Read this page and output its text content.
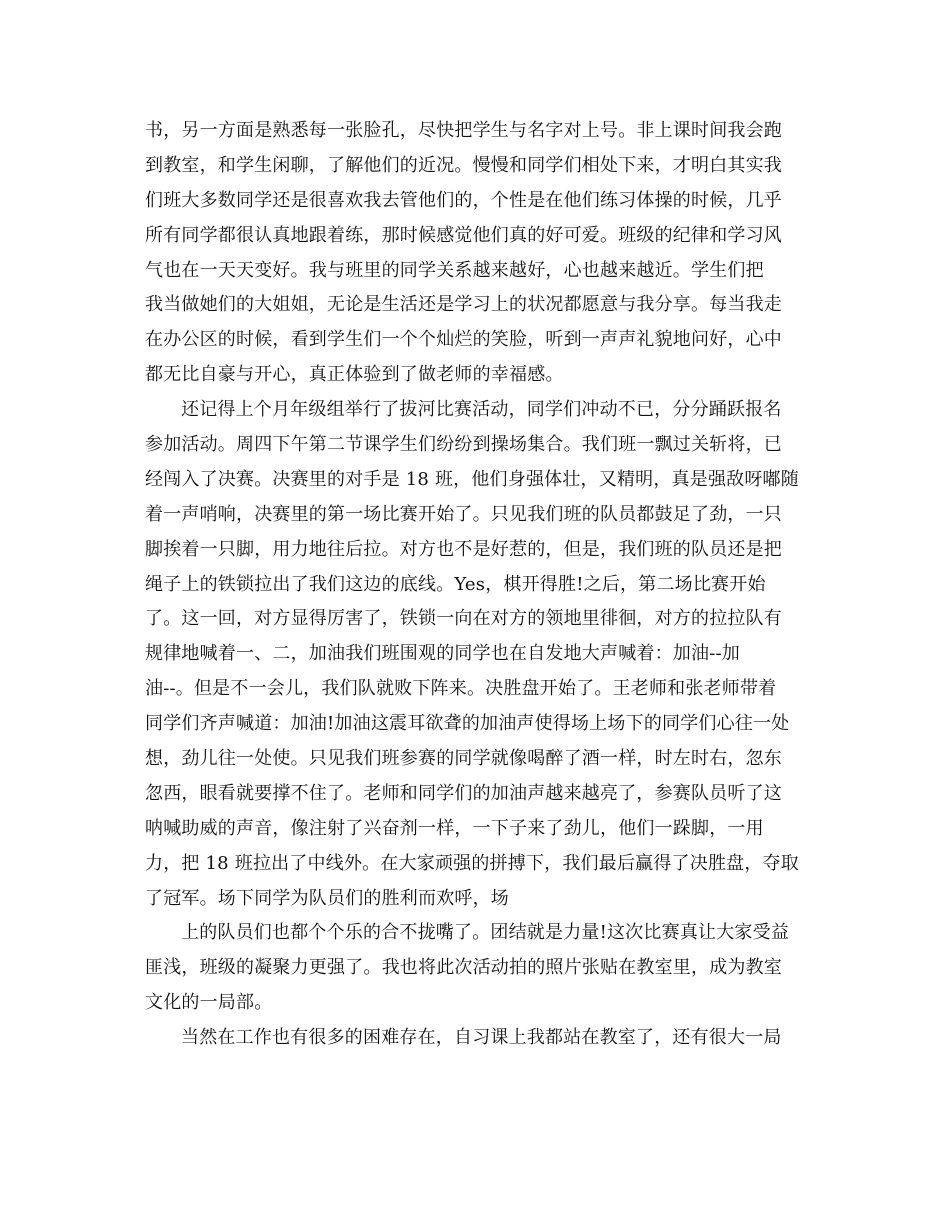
书，另一方面是熟悉每一张脸孔，尽快把学生与名字对上号。非上课时间我会跑
到教室，和学生闲聊，了解他们的近况。慢慢和同学们相处下来，才明白其实我
们班大多数同学还是很喜欢我去管他们的，个性是在他们练习体操的时候，几乎
所有同学都很认真地跟着练，那时候感觉他们真的好可爱。班级的纪律和学习风
气也在一天天变好。我与班里的同学关系越来越好，心也越来越近。学生们把
我当做她们的大姐姐，无论是生活还是学习上的状况都愿意与我分享。每当我走
在办公区的时候，看到学生们一个个灿烂的笑脸，听到一声声礼貌地问好，心中
都无比自豪与开心，真正体验到了做老师的幸福感。
还记得上个月年级组举行了拔河比赛活动，同学们冲动不已，分分踊跃报名
参加活动。周四下午第二节课学生们纷纷到操场集合。我们班一飘过关斩将，已
经闯入了决赛。决赛里的对手是 18 班，他们身强体壮，又精明，真是强敌呀嘟随
着一声哨响，决赛里的第一场比赛开始了。只见我们班的队员都鼓足了劲，一只
脚挨着一只脚，用力地往后拉。对方也不是好惹的，但是，我们班的队员还是把
绳子上的铁锁拉出了我们这边的底线。Yes，棋开得胜!之后，第二场比赛开始
了。这一回，对方显得厉害了，铁锁一向在对方的领地里徘徊，对方的拉拉队有
规律地喊着一、二，加油我们班围观的同学也在自发地大声喊着：加油--加
油--。但是不一会儿，我们队就败下阵来。决胜盘开始了。王老师和张老师带着
同学们齐声喊道：加油!加油这震耳欲聋的加油声使得场上场下的同学们心往一处
想，劲儿往一处使。只见我们班参赛的同学就像喝醉了酒一样，时左时右，忽东
忽西，眼看就要撑不住了。老师和同学们的加油声越来越亮了，参赛队员听了这
呐喊助威的声音，像注射了兴奋剂一样，一下子来了劲儿，他们一跺脚，一用
力，把 18 班拉出了中线外。在大家顽强的拼搏下，我们最后赢得了决胜盘，夺取
了冠军。场下同学为队员们的胜利而欢呼，场
上的队员们也都个个乐的合不拢嘴了。团结就是力量!这次比赛真让大家受益
匪浅，班级的凝聚力更强了。我也将此次活动拍的照片张贴在教室里，成为教室
文化的一局部。
当然在工作也有很多的困难存在，自习课上我都站在教室了，还有很大一局
